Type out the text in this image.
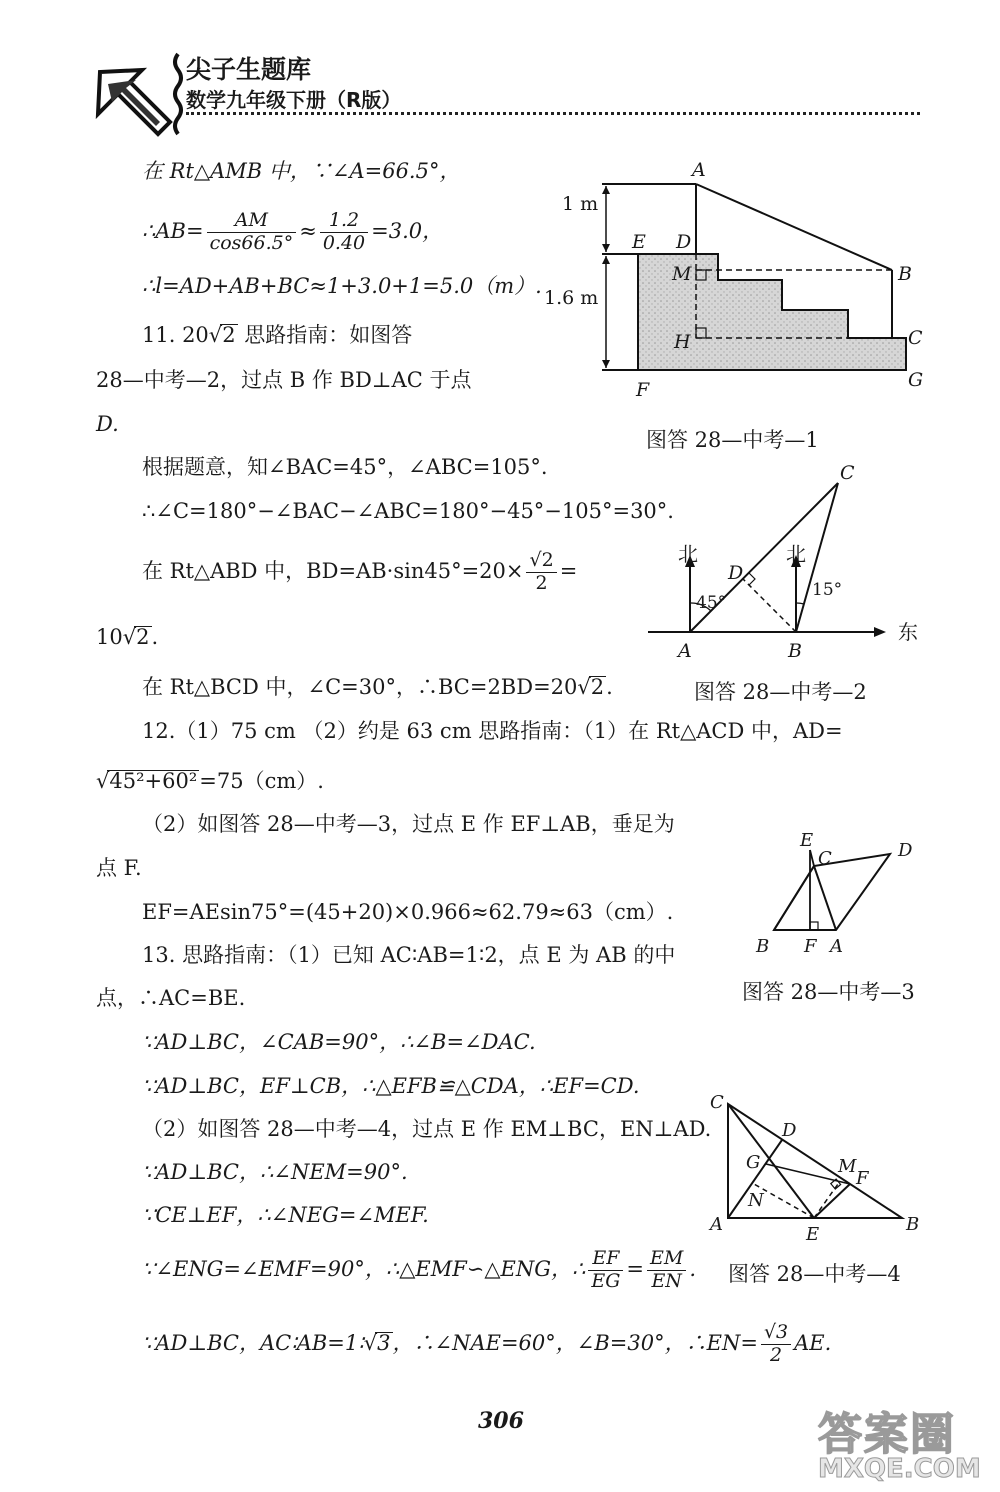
尖子生题库
数学九年级下册（R版）
在 Rt△AMB 中，∵∠A=66.5°，
∴AB= $\frac{AM}{\cos 66.5^\circ} \approx \frac{1.2}{0.40} =3.0$，
∴l=AD+AB+BC≈1+3.0+1=5.0（m）.
11. 20√2 思路指南：如图答
28—中考—2，过点 B 作 BD⊥AC 于点
D.
根据题意，知∠BAC=45°，∠ABC=105°.
∴∠C=180°−∠BAC−∠ABC=180°−45°−105°=30°.
在 Rt△ABD 中，$BD=AB\cdot\sin 45^\circ=20\times \frac{√2}{2}$ =
10√2.
在 Rt△BCD 中，∠C=30°，∴BC=2BD=20√2.
12.（1）75 cm （2）约是 63 cm 思路指南：（1）在 Rt△ACD 中，AD=
√45²+60²=75（cm）.
（2）如图答 28—中考—3，过点 E 作 EF⊥AB，垂足为
点 F.
EF=AEsin75°=(45+20)×0.966≈62.79≈63（cm）.
13. 思路指南：（1）已知 AC∶AB=1∶2，点 E 为 AB 的中
点，∴AC=BE.
∵AD⊥BC，∠CAB=90°，∴∠B=∠DAC.
∵AD⊥BC，EF⊥CB，∴△EFB≌△CDA，∴EF=CD.
（2）如图答 28—中考—4，过点 E 作 EM⊥BC，EN⊥AD.
∵AD⊥BC，∴∠NEM=90°.
∵CE⊥EF，∴∠NEG=∠MEF.
∵∠ENG=∠EMF=90°，∴△EMF∽△ENG，∴ $\frac{EF}{EG} = \frac{EM}{EN}$ .
∵AD⊥BC，AC∶AB=1∶√3，∴∠NAE=60°，∠B=30°，∴EN= $\frac{√3}{2}$ AE.
1 m
1.6 m
A
B
C
D
E
F	G
M
H
图答 28—中考—1
北	北
东
45°
15°
A	B
C
D
图答 28—中考—2
E
C	D
B F A
图答 28—中考—3
C
D
G	M
F
N
A	E	B
图答 28—中考—4
306	答案圈
MXQE.COM
